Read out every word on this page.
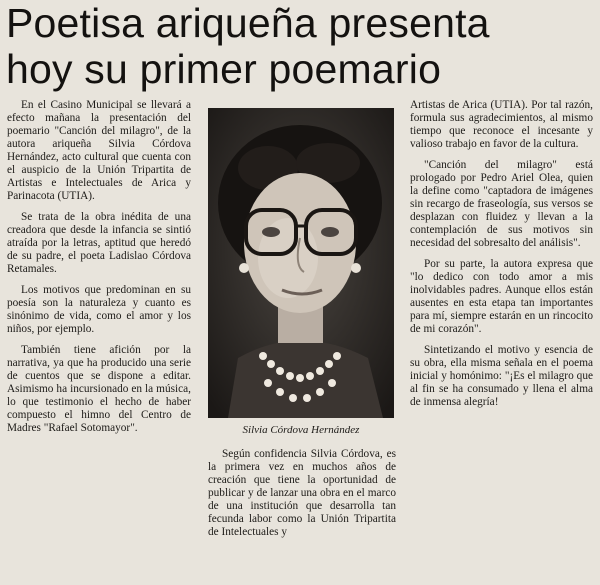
Poetisa ariqueña presenta
hoy su primer poemario

En el Casino Municipal se llevará a efecto mañana la presentación del poemario "Canción del milagro", de la autora ariqueña Silvia Córdova Hernández, acto cultural que cuenta con el auspicio de la Unión Tripartita de Artistas e Intelectuales de Arica y Parinacota (UTIA).

Se trata de la obra inédita de una creadora que desde la infancia se sintió atraída por la letras, aptitud que heredó de su padre, el poeta Ladislao Córdova Retamales.

Los motivos que predominan en su poesía son la naturaleza y cuanto es sinónimo de vida, como el amor y los niños, por ejemplo.

También tiene afición por la narrativa, ya que ha producido una serie de cuentos que se dispone a editar. Asimismo ha incursionado en la música, lo que testimonio el hecho de haber compuesto el himno del Centro de Madres "Rafael Sotomayor".	Silvia Córdova Hernández

Según confidencia Silvia Córdova, es la primera vez en muchos años de creación que tiene la oportunidad de publicar y de lanzar una obra en el marco de una institución que desarrolla tan fecunda labor como la Unión Tripartita de Intelectuales y

Artistas de Arica (UTIA). Por tal razón, formula sus agradecimientos, al mismo tiempo que reconoce el incesante y valioso trabajo en favor de la cultura.

"Canción del milagro" está prologado por Pedro Ariel Olea, quien la define como "captadora de imágenes sin recargo de fraseología, sus versos se desplazan con fluidez y llevan a la contemplación de sus motivos sin necesidad del sobresalto del análisis".

Por su parte, la autora expresa que "lo dedico con todo amor a mis inolvidables padres. Aunque ellos están ausentes en esta etapa tan importantes para mí, siempre estarán en un rincocito de mi corazón".

Sintetizando el motivo y esencia de su obra, ella misma señala en el poema inicial y homónimo: "¡Es el milagro que al fin se ha consumado y llena el alma de inmensa alegría!
